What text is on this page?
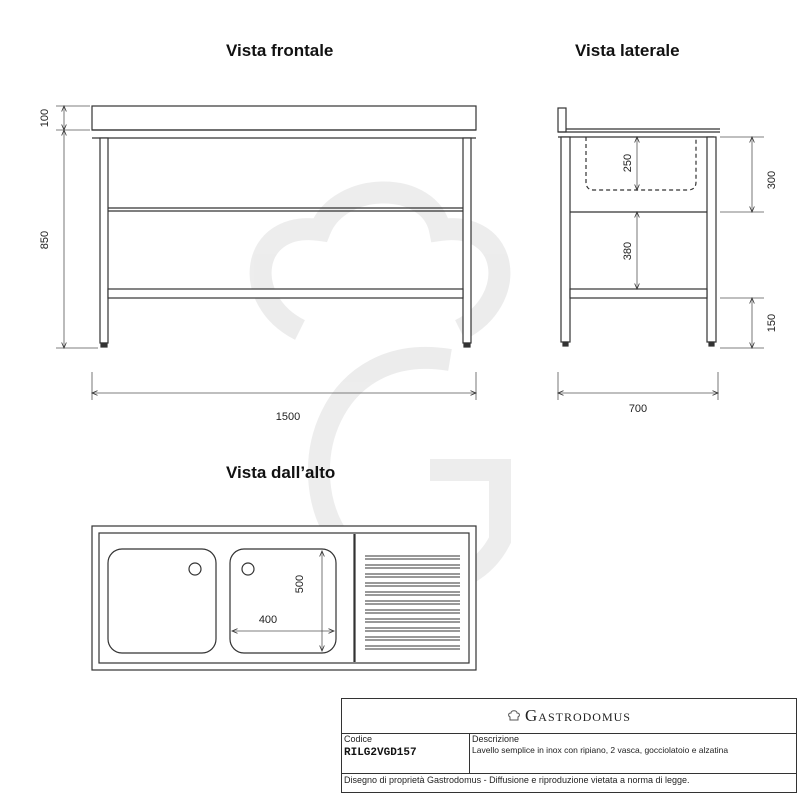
Vista frontale	Vista laterale
Vista dall’alto
100
850
1500
250
380
300
150
700
400
500
Gastrodomus
Codice
RILG2VGD157
Descrizione
Lavello semplice in inox con ripiano, 2 vasca, gocciolatoio e alzatina
Disegno di proprietà Gastrodomus - Diffusione e riproduzione vietata a norma di legge.
